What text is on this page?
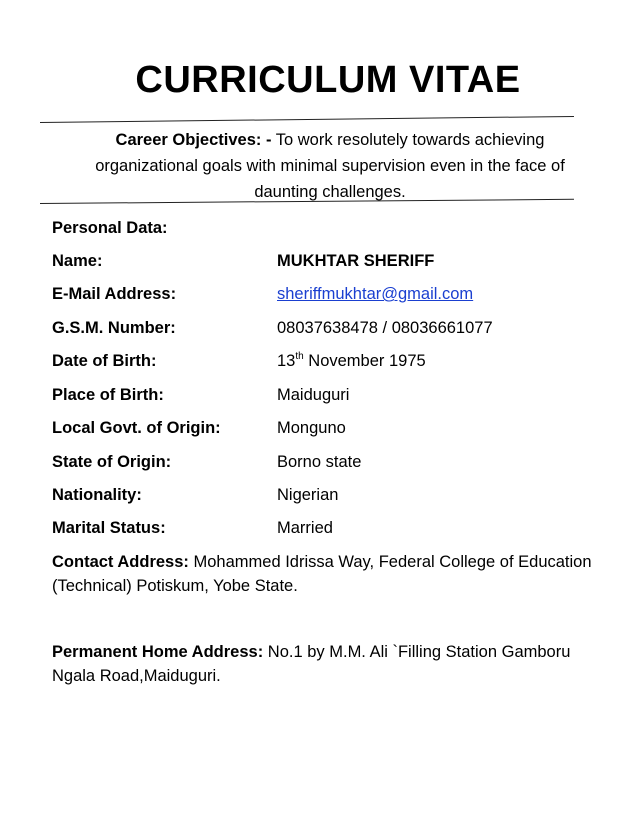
CURRICULUM VITAE
Career Objectives: - To work resolutely towards achieving organizational goals with minimal supervision even in the face of daunting challenges.
Personal Data:
Name:	MUKHTAR SHERIFF
E-Mail Address:	sheriffmukhtar@gmail.com
G.S.M. Number:	08037638478 / 08036661077
Date of Birth:	13th November 1975
Place of Birth:	Maiduguri
Local Govt. of Origin:	Monguno
State of Origin:	Borno state
Nationality:	Nigerian
Marital Status:	Married
Contact Address: Mohammed Idrissa Way, Federal College of Education (Technical) Potiskum, Yobe State.
Permanent Home Address: No.1 by M.M. Ali `Filling Station Gamboru Ngala Road,Maiduguri.
